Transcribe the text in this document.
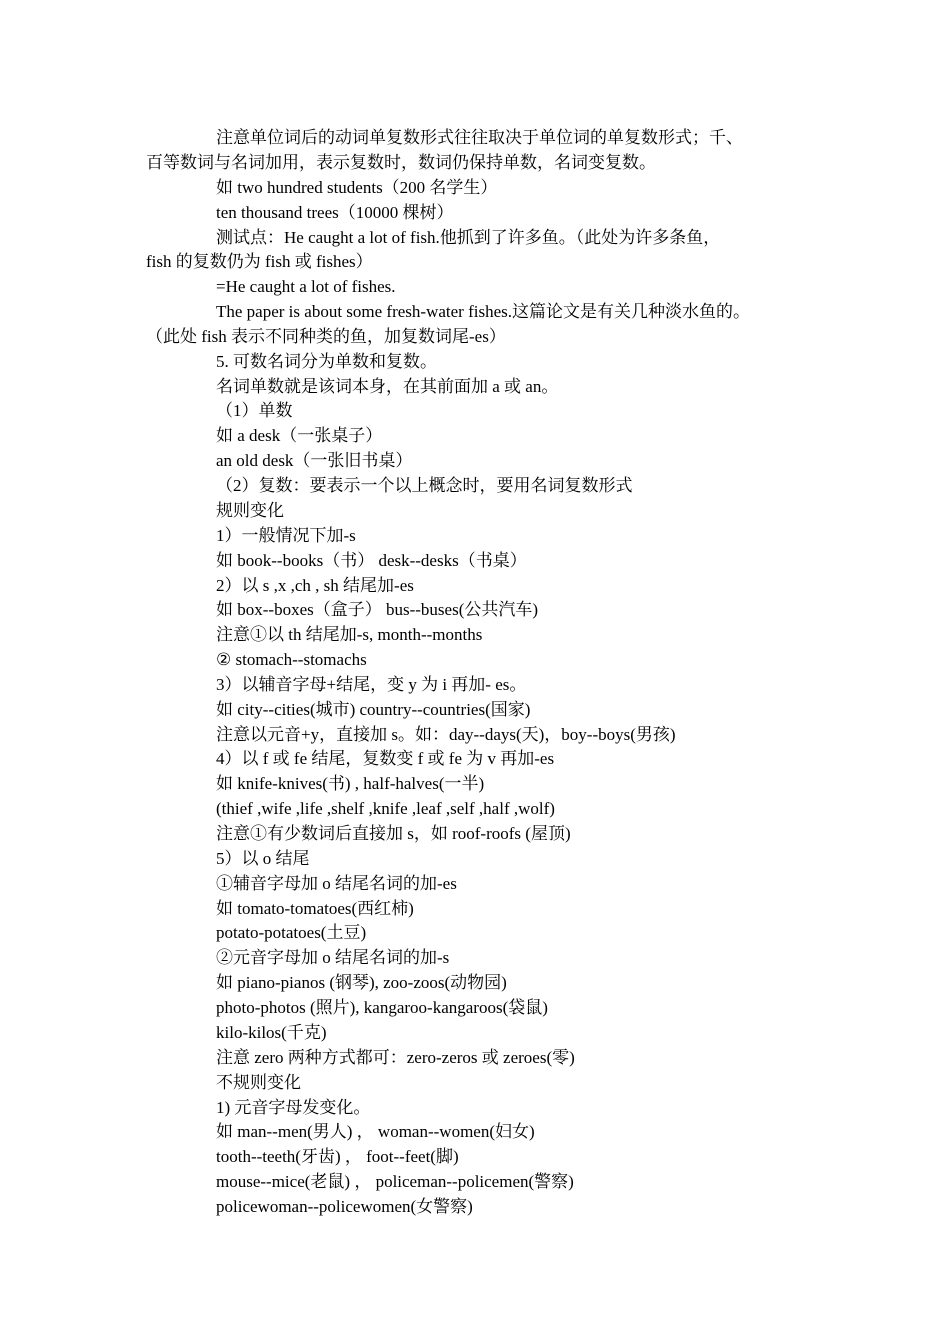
注意单位词后的动词单复数形式往往取决于单位词的单复数形式；千、
百等数词与名词加用，表示复数时，数词仍保持单数，名词变复数。
如 two hundred students（200 名学生）
ten thousand trees（10000 棵树）
测试点：He caught a lot of fish.他抓到了许多鱼。（此处为许多条鱼，
fish 的复数仍为 fish 或 fishes）
=He caught a lot of fishes.
The paper is about some fresh-water fishes.这篇论文是有关几种淡水鱼的。
（此处 fish 表示不同种类的鱼，加复数词尾-es）
5. 可数名词分为单数和复数。
名词单数就是该词本身，在其前面加 a 或 an。
（1）单数
如 a desk（一张桌子）
an old desk（一张旧书桌）
（2）复数：要表示一个以上概念时，要用名词复数形式
规则变化
1）一般情况下加-s
如 book--books（书） desk--desks（书桌）
2）以 s ,x ,ch , sh 结尾加-es
如 box--boxes（盒子） bus--buses(公共汽车)
注意①以 th 结尾加-s, month--months
② stomach--stomachs
3）以辅音字母+结尾，变 y 为 i 再加- es。
如 city--cities(城市) country--countries(国家)
注意以元音+y，直接加 s。如：day--days(天)，boy--boys(男孩)
4）以 f 或 fe 结尾，复数变 f 或 fe 为 v 再加-es
如 knife-knives(书) , half-halves(一半)
(thief ,wife ,life ,shelf ,knife ,leaf ,self ,half ,wolf)
注意①有少数词后直接加 s，如 roof-roofs (屋顶)
5）以 o 结尾
①辅音字母加 o 结尾名词的加-es
如 tomato-tomatoes(西红柿)
potato-potatoes(土豆)
②元音字母加 o 结尾名词的加-s
如 piano-pianos (钢琴), zoo-zoos(动物园)
photo-photos (照片), kangaroo-kangaroos(袋鼠)
kilo-kilos(千克)
注意 zero 两种方式都可：zero-zeros 或 zeroes(零)
不规则变化
1) 元音字母发变化。
如 man--men(男人) ， woman--women(妇女)
tooth--teeth(牙齿) ， foot--feet(脚)
mouse--mice(老鼠) ， policeman--policemen(警察)
policewoman--policewomen(女警察)
